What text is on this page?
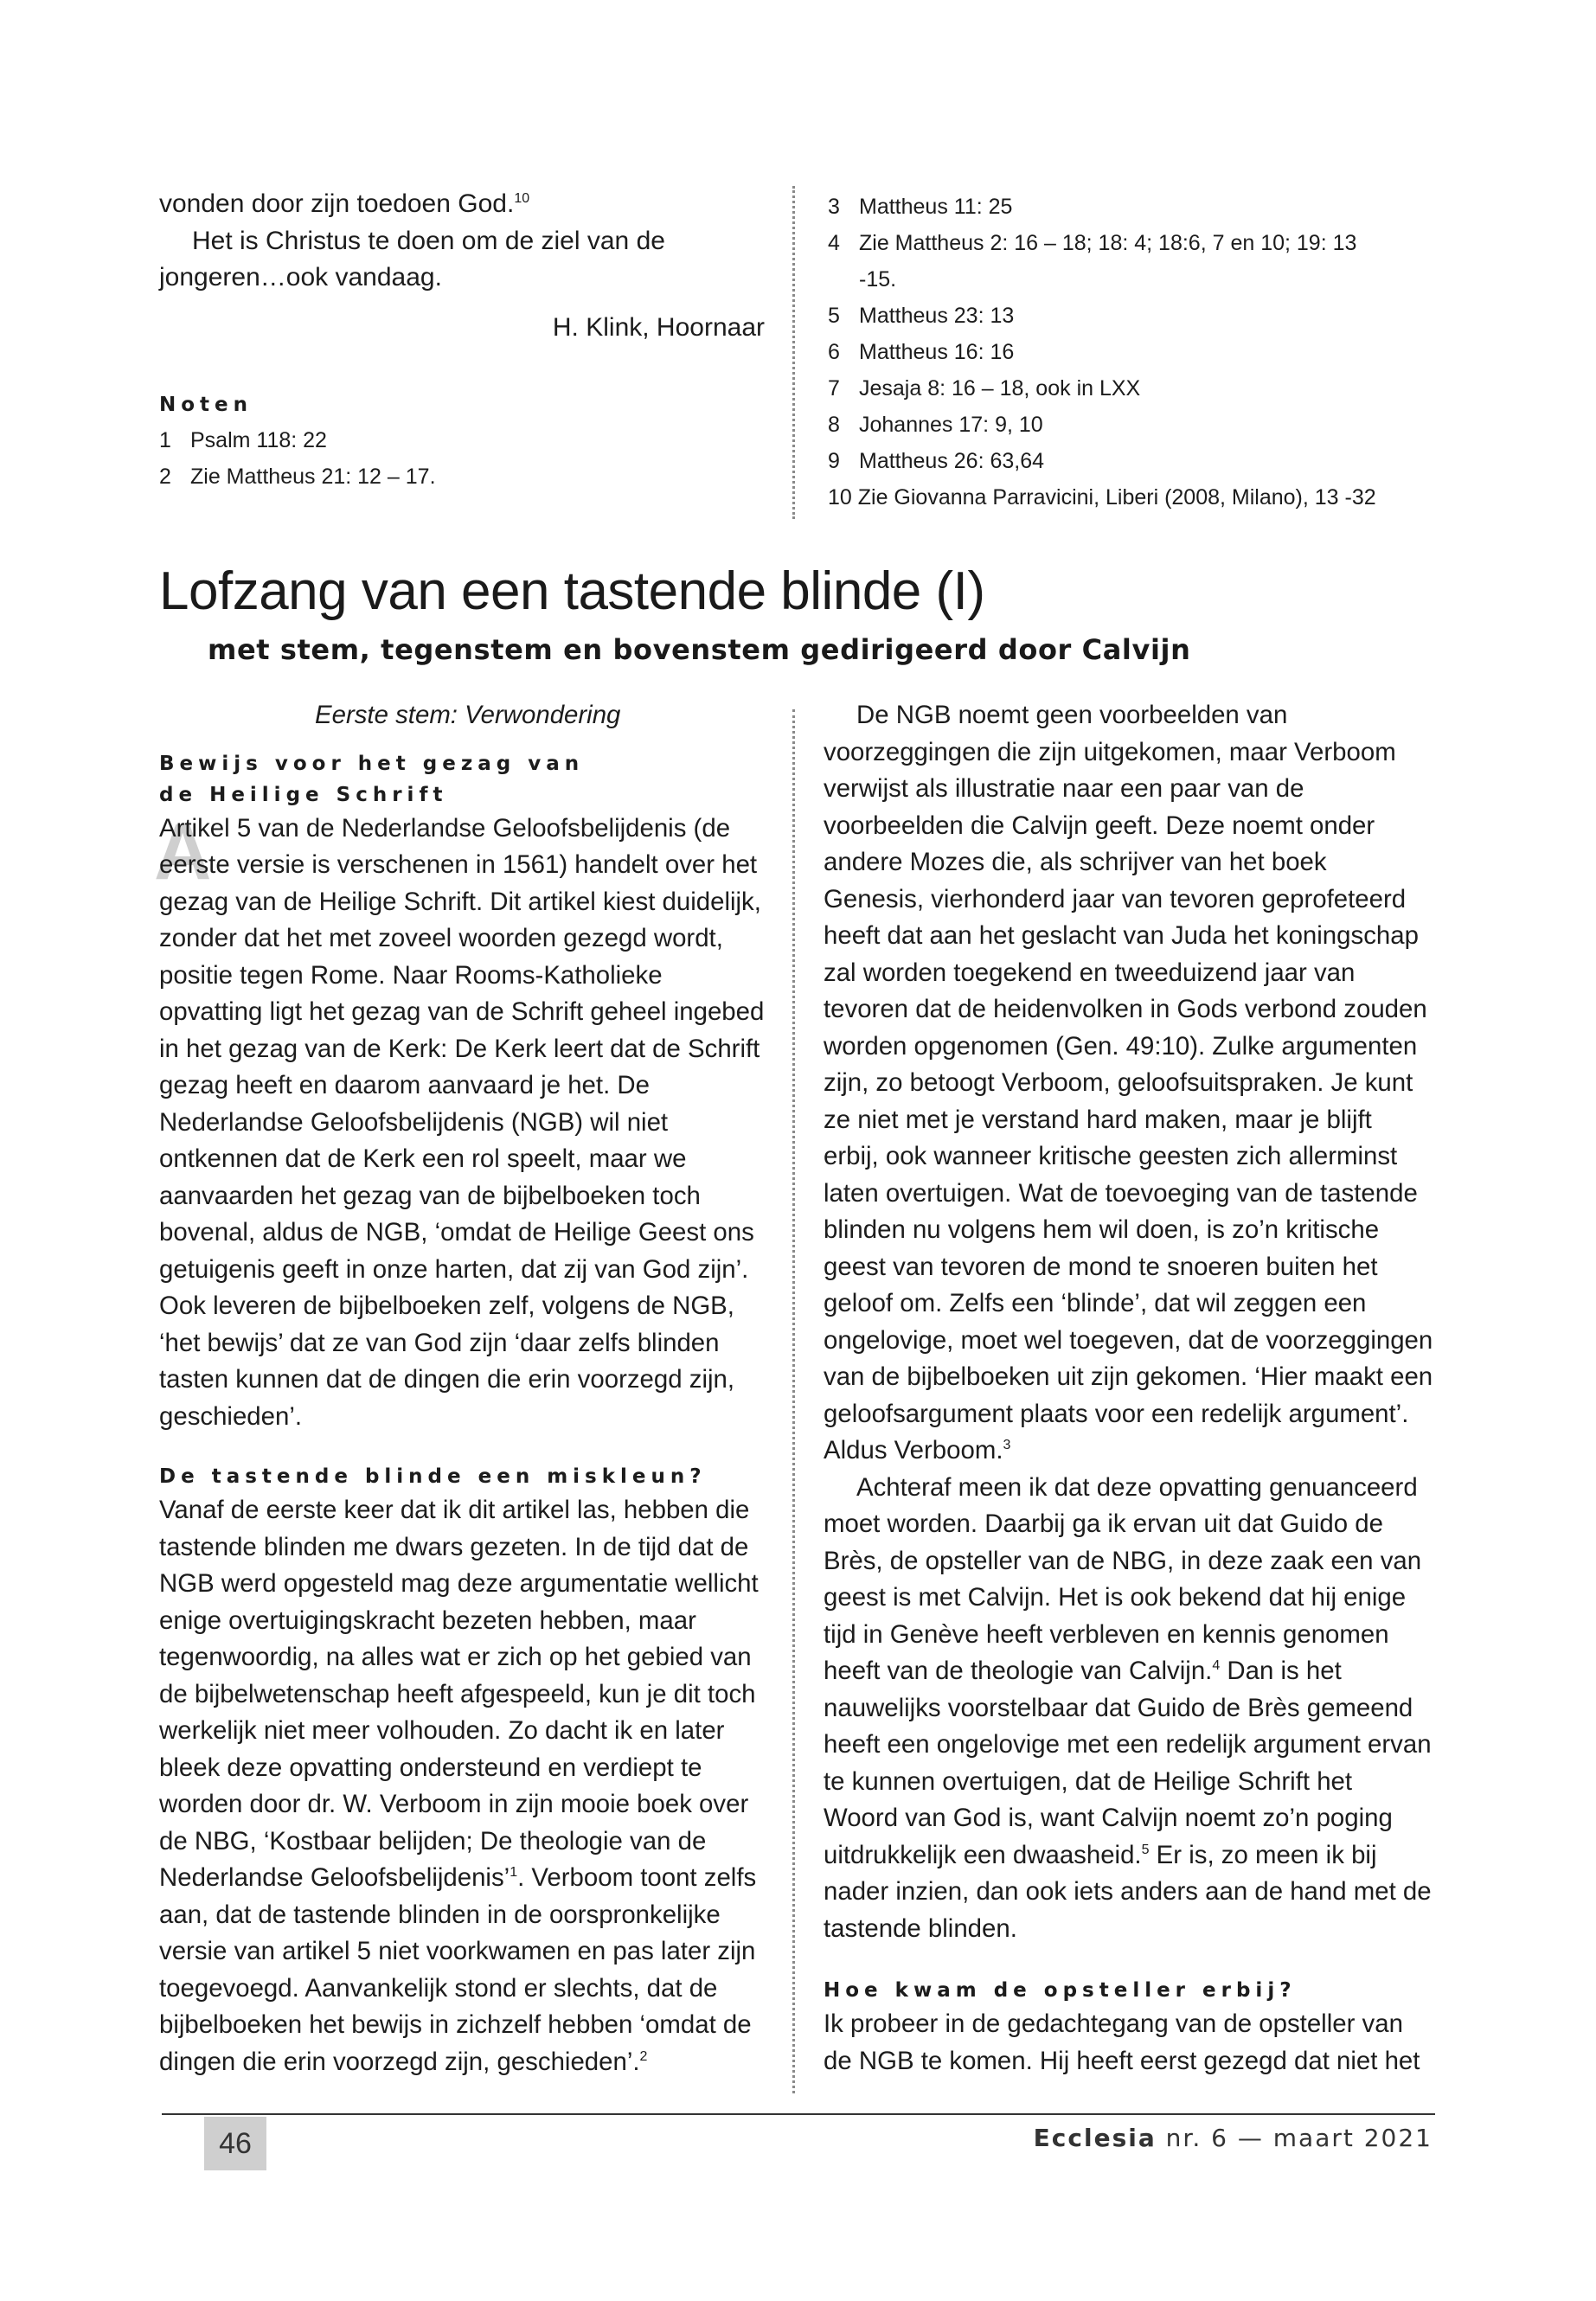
vonden door zijn toedoen God.$^{10}$

Het is Christus te doen om de ziel van de jongeren…ook vandaag.

H. Klink, Hoornaar

Noten

1 Psalm 118: 22
2 Zie Mattheus 21: 12 – 17.
3 Mattheus 11: 25
4 Zie Mattheus 2: 16 – 18; 18: 4; 18:6, 7 en 10; 19: 13
-15.
5 Mattheus 23: 13
6 Mattheus 16: 16
7 Jesaja 8: 16 – 18, ook in LXX
8 Johannes 17: 9, 10
9 Mattheus 26: 63,64
10 Zie Giovanna Parravicini, Liberi (2008, Milano), 13 -32
Lofzang van een tastende blinde (I)
met stem, tegenstem en bovenstem gedirigeerd door Calvijn

Eerste stem: Verwondering

Bewijs voor het gezag van de Heilige Schrift

A

Artikel 5 van de Nederlandse Geloofsbelijdenis (de eerste versie is verschenen in 1561) handelt over het gezag van de Heilige Schrift. Dit artikel kiest duidelijk, zonder dat het met zoveel woorden gezegd wordt, positie tegen Rome. Naar Rooms-Katholieke opvatting ligt het gezag van de Schrift geheel ingebed in het gezag van de Kerk: De Kerk leert dat de Schrift gezag heeft en daarom aanvaard je het. De Nederlandse Geloofsbelijdenis (NGB) wil niet ontkennen dat de Kerk een rol speelt, maar we aanvaarden het gezag van de bijbelboeken toch bovenal, aldus de NGB, ‘omdat de Heilige Geest ons getuigenis geeft in onze harten, dat zij van God zijn’. Ook leveren de bijbelboeken zelf, volgens de NGB, ‘het bewijs’ dat ze van God zijn ‘daar zelfs blinden tasten kunnen dat de dingen die erin voorzegd zijn, geschieden’.

De tastende blinde een miskleun?

Vanaf de eerste keer dat ik dit artikel las, hebben die tastende blinden me dwars gezeten. In de tijd dat de NGB werd opgesteld mag deze argumentatie wellicht enige overtuigingskracht bezeten hebben, maar tegenwoordig, na alles wat er zich op het gebied van de bijbelwetenschap heeft afgespeeld, kun je dit toch werkelijk niet meer volhouden. Zo dacht ik en later bleek deze opvatting ondersteund en verdiept te worden door dr. W. Verboom in zijn mooie boek over de NBG, ‘Kostbaar belijden; De theologie van de Nederlandse Geloofsbelijdenis’$^1$. Verboom toont zelfs aan, dat de tastende blinden in de oorspronkelijke versie van artikel 5 niet voorkwamen en pas later zijn toegevoegd. Aanvankelijk stond er slechts, dat de bijbelboeken het bewijs in zichzelf hebben ‘omdat de dingen die erin voorzegd zijn, geschieden’.$^2$

De NGB noemt geen voorbeelden van voorzeggingen die zijn uitgekomen, maar Verboom verwijst als illustratie naar een paar van de voorbeelden die Calvijn geeft. Deze noemt onder andere Mozes die, als schrijver van het boek Genesis, vierhonderd jaar van tevoren geprofeteerd heeft dat aan het geslacht van Juda het koningschap zal worden toegekend en tweeduizend jaar van tevoren dat de heidenvolken in Gods verbond zouden worden opgenomen (Gen. 49:10). Zulke argumenten zijn, zo betoogt Verboom, geloofsuitspraken. Je kunt ze niet met je verstand hard maken, maar je blijft erbij, ook wanneer kritische geesten zich allerminst laten overtuigen. Wat de toevoeging van de tastende blinden nu volgens hem wil doen, is zo’n kritische geest van tevoren de mond te snoeren buiten het geloof om. Zelfs een ‘blinde’, dat wil zeggen een ongelovige, moet wel toegeven, dat de voorzeggingen van de bijbelboeken uit zijn gekomen. ‘Hier maakt een geloofsargument plaats voor een redelijk argument’. Aldus Verboom.$^3$

Achteraf meen ik dat deze opvatting genuanceerd moet worden. Daarbij ga ik ervan uit dat Guido de Brès, de opsteller van de NBG, in deze zaak een van geest is met Calvijn. Het is ook bekend dat hij enige tijd in Genève heeft verbleven en kennis genomen heeft van de theologie van Calvijn.$^4$ Dan is het nauwelijks voorstelbaar dat Guido de Brès gemeend heeft een ongelovige met een redelijk argument ervan te kunnen overtuigen, dat de Heilige Schrift het Woord van God is, want Calvijn noemt zo’n poging uitdrukkelijk een dwaasheid.$^5$ Er is, zo meen ik bij nader inzien, dan ook iets anders aan de hand met de tastende blinden.

Hoe kwam de opsteller erbij?

Ik probeer in de gedachtegang van de opsteller van de NGB te komen. Hij heeft eerst gezegd dat niet het

46	Ecclesia nr. 6 — maart 2021
